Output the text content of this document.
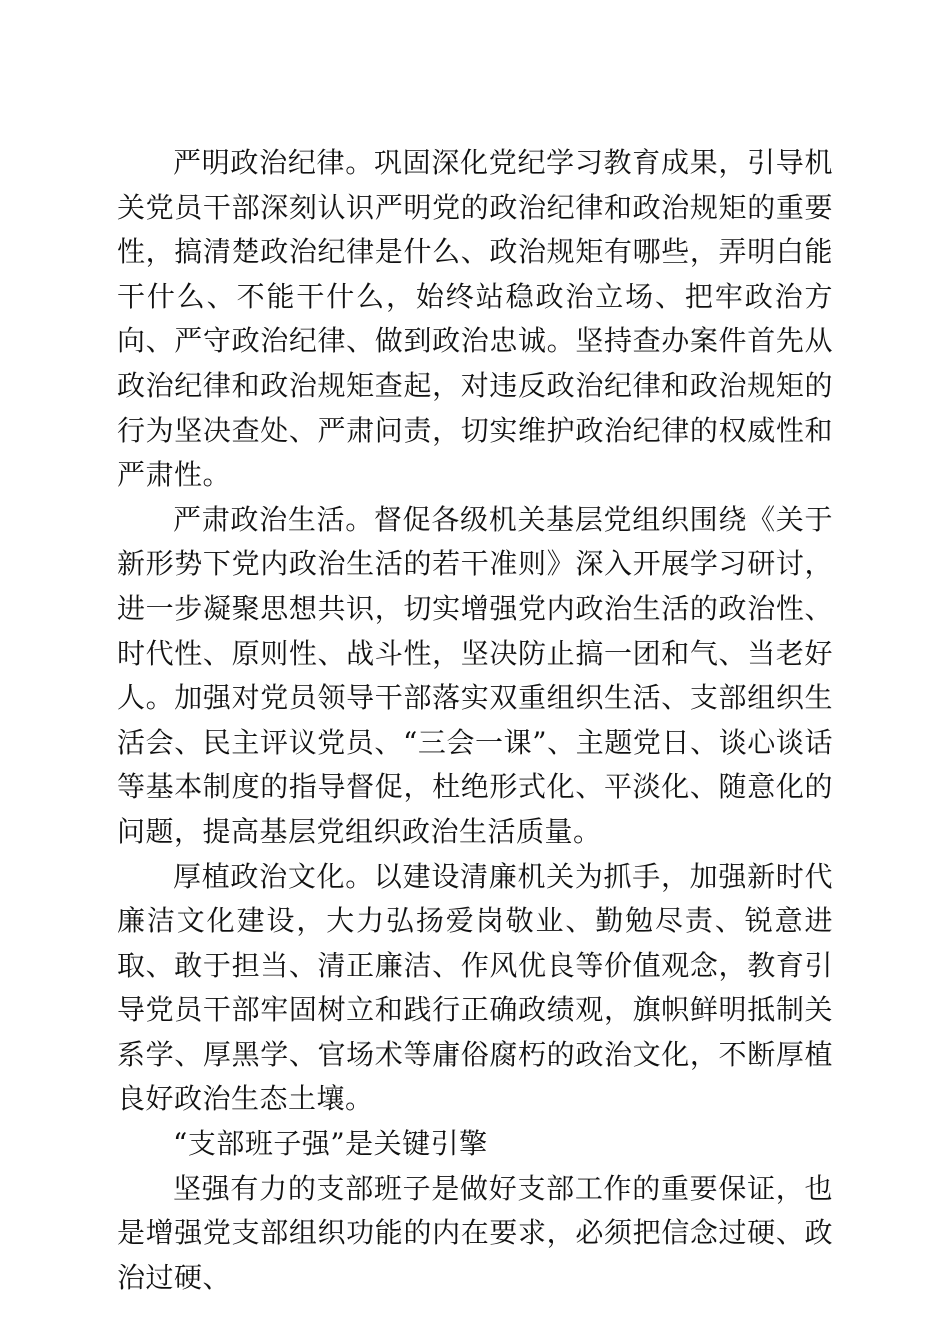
严明政治纪律。巩固深化党纪学习教育成果，引导机关党员干部深刻认识严明党的政治纪律和政治规矩的重要性，搞清楚政治纪律是什么、政治规矩有哪些，弄明白能干什么、不能干什么，始终站稳政治立场、把牢政治方向、严守政治纪律、做到政治忠诚。坚持查办案件首先从政治纪律和政治规矩查起，对违反政治纪律和政治规矩的行为坚决查处、严肃问责，切实维护政治纪律的权威性和严肃性。

严肃政治生活。督促各级机关基层党组织围绕《关于新形势下党内政治生活的若干准则》深入开展学习研讨，进一步凝聚思想共识，切实增强党内政治生活的政治性、时代性、原则性、战斗性，坚决防止搞一团和气、当老好人。加强对党员领导干部落实双重组织生活、支部组织生活会、民主评议党员、“三会一课”、主题党日、谈心谈话等基本制度的指导督促，杜绝形式化、平淡化、随意化的问题，提高基层党组织政治生活质量。

厚植政治文化。以建设清廉机关为抓手，加强新时代廉洁文化建设，大力弘扬爱岗敬业、勤勉尽责、锐意进取、敢于担当、清正廉洁、作风优良等价值观念，教育引导党员干部牢固树立和践行正确政绩观，旗帜鲜明抵制关系学、厚黑学、官场术等庸俗腐朽的政治文化，不断厚植良好政治生态土壤。

“支部班子强”是关键引擎

坚强有力的支部班子是做好支部工作的重要保证，也是增强党支部组织功能的内在要求，必须把信念过硬、政治过硬、
